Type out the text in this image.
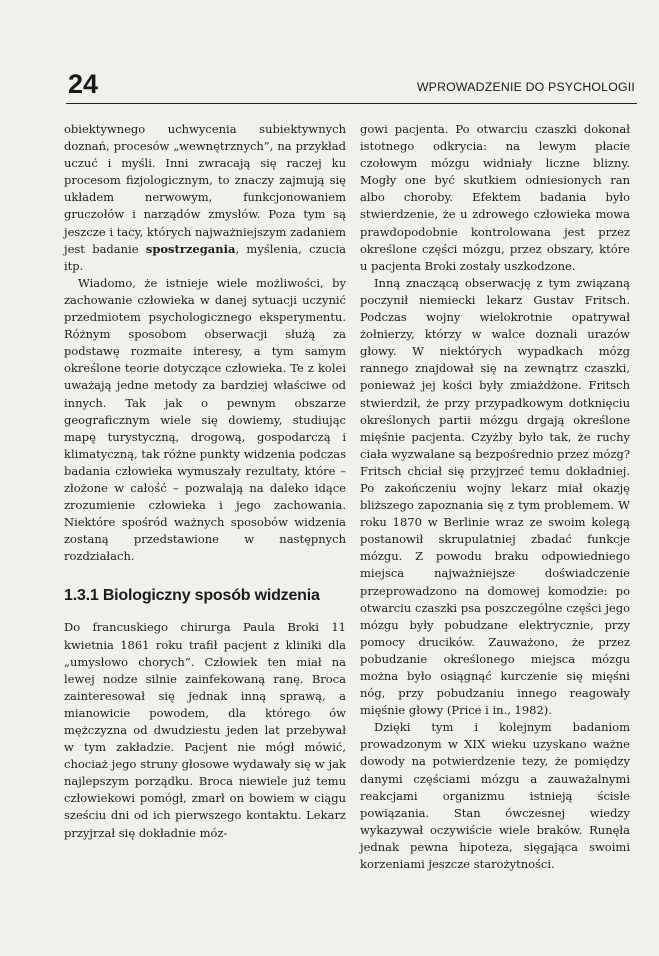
24	WPROWADZENIE DO PSYCHOLOGII

obiektywnego uchwycenia subiektywnych doznań, procesów „wewnętrznych”, na przykład uczuć i myśli. Inni zwracają się raczej ku procesom fizjologicznym, to znaczy zajmują się układem nerwowym, funkcjonowaniem gruczołów i narządów zmysłów. Poza tym są jeszcze i tacy, których najważniejszym zadaniem jest badanie spostrzegania, myślenia, czucia itp.

Wiadomo, że istnieje wiele możliwości, by zachowanie człowieka w danej sytuacji uczynić przedmiotem psychologicznego eksperymentu. Różnym sposobom obserwacji służą za podstawę rozmaite interesy, a tym samym określone teorie dotyczące człowieka. Te z kolei uważają jedne metody za bardziej właściwe od innych. Tak jak o pewnym obszarze geograficznym wiele się dowiemy, studiując mapę turystyczną, drogową, gospodarczą i klimatyczną, tak różne punkty widzenia podczas badania człowieka wymuszały rezultaty, które – złożone w całość – pozwalają na daleko idące zrozumienie człowieka i jego zachowania. Niektóre spośród ważnych sposobów widzenia zostaną przedstawione w następnych rozdziałach.

1.3.1 Biologiczny sposób widzenia

Do francuskiego chirurga Paula Broki 11 kwietnia 1861 roku trafił pacjent z kliniki dla „umysłowo chorych”. Człowiek ten miał na lewej nodze silnie zainfekowaną ranę. Broca zainteresował się jednak inną sprawą, a mianowicie powodem, dla którego ów mężczyzna od dwudziestu jeden lat przebywał w tym zakładzie. Pacjent nie mógł mówić, chociaż jego struny głosowe wydawały się w jak najlepszym porządku. Broca niewiele już temu człowiekowi pomógł, zmarł on bowiem w ciągu sześciu dni od ich pierwszego kontaktu. Lekarz przyjrzał się dokładnie móz-

gowi pacjenta. Po otwarciu czaszki dokonał istotnego odkrycia: na lewym płacie czołowym mózgu widniały liczne blizny. Mogły one być skutkiem odniesionych ran albo choroby. Efektem badania było stwierdzenie, że u zdrowego człowieka mowa prawdopodobnie kontrolowana jest przez określone części mózgu, przez obszary, które u pacjenta Broki zostały uszkodzone.

Inną znaczącą obserwację z tym związaną poczynił niemiecki lekarz Gustav Fritsch. Podczas wojny wielokrotnie opatrywał żołnierzy, którzy w walce doznali urazów głowy. W niektórych wypadkach mózg rannego znajdował się na zewnątrz czaszki, ponieważ jej kości były zmiażdżone. Fritsch stwierdził, że przy przypadkowym dotknięciu określonych partii mózgu drgają określone mięśnie pacjenta. Czyżby było tak, że ruchy ciała wyzwalane są bezpośrednio przez mózg? Fritsch chciał się przyjrzeć temu dokładniej. Po zakończeniu wojny lekarz miał okazję bliższego zapoznania się z tym problemem. W roku 1870 w Berlinie wraz ze swoim kolegą postanowił skrupulatniej zbadać funkcje mózgu. Z powodu braku odpowiedniego miejsca najważniejsze doświadczenie przeprowadzono na domowej komodzie: po otwarciu czaszki psa poszczególne części jego mózgu były pobudzane elektrycznie, przy pomocy drucików. Zauważono, że przez pobudzanie określonego miejsca mózgu można było osiągnąć kurczenie się mięśni nóg, przy pobudzaniu innego reagowały mięśnie głowy (Price i in., 1982).

Dzięki tym i kolejnym badaniom prowadzonym w XIX wieku uzyskano ważne dowody na potwierdzenie tezy, że pomiędzy danymi częściami mózgu a zauważalnymi reakcjami organizmu istnieją ścisłe powiązania. Stan ówczesnej wiedzy wykazywał oczywiście wiele braków. Runęła jednak pewna hipoteza, sięgająca swoimi korzeniami jeszcze starożytności.
